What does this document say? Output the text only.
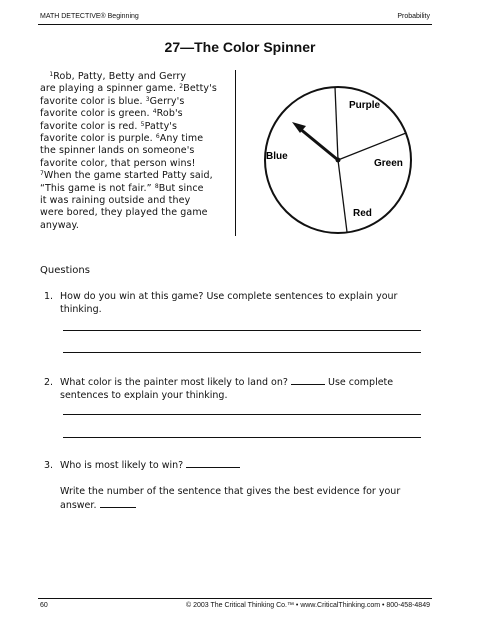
MATH DETECTIVE® Beginning	Probability
27—The Color Spinner
$^1$Rob, Patty, Betty and Gerry
are playing a spinner game. $^2$Betty's
favorite color is blue. $^3$Gerry's
favorite color is green. $^4$Rob's
favorite color is red. $^5$Patty's
favorite color is purple. $^6$Any time
the spinner lands on someone's
favorite color, that person wins!
$^7$When the game started Patty said,
“This game is not fair.” $^8$But since
it was raining outside and they
were bored, they played the game
anyway.
Purple
Blue
Green
Red
Questions
1. How do you win at this game? Use complete sentences to explain your
thinking.
2. What color is the painter most likely to land on?	Use complete
sentences to explain your thinking.
3. Who is most likely to win?
Write the number of the sentence that gives the best evidence for your
answer.
60	© 2003 The Critical Thinking Co.™ • www.CriticalThinking.com • 800-458-4849
